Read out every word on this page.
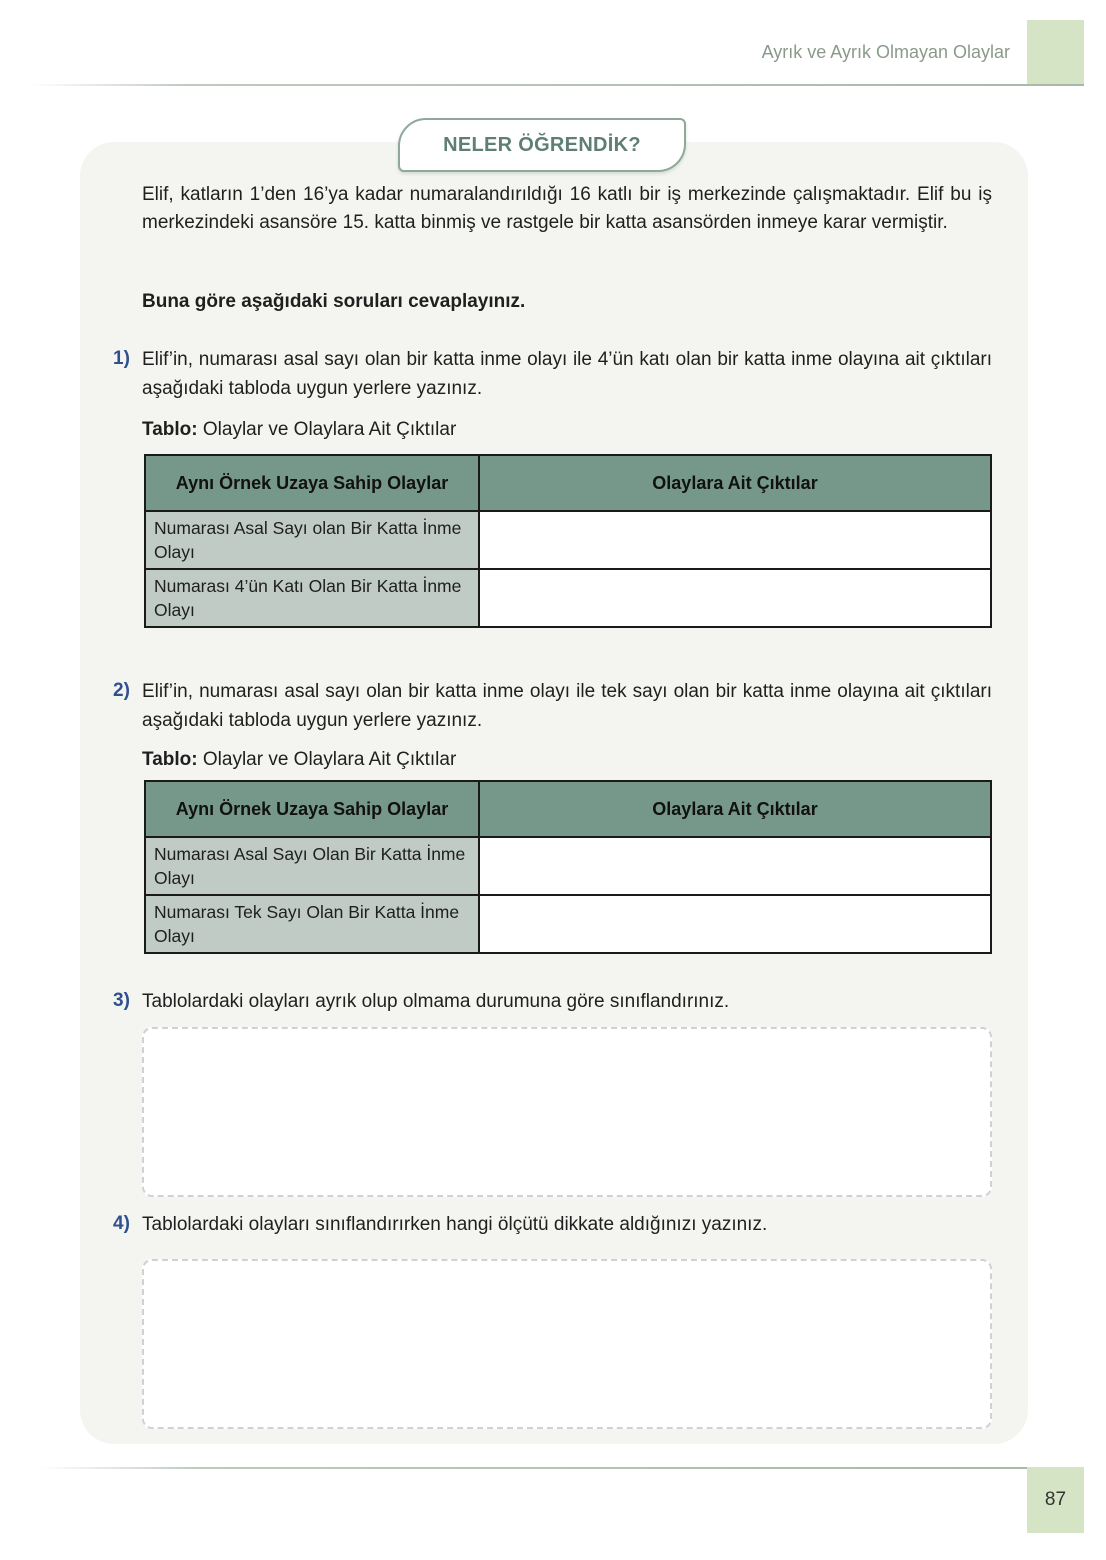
Ayrık ve Ayrık Olmayan Olaylar
NELER ÖĞRENDİK?
Elif, katların 1’den 16’ya kadar numaralandırıldığı 16 katlı bir iş merkezinde çalışmaktadır. Elif bu iş merkezindeki asansöre 15. katta binmiş ve rastgele bir katta asansörden inmeye karar vermiştir.
Buna göre aşağıdaki soruları cevaplayınız.
1) Elif’in, numarası asal sayı olan bir katta inme olayı ile 4’ün katı olan bir katta inme olayına ait çıktıları aşağıdaki tabloda uygun yerlere yazınız.
Tablo: Olaylar ve Olaylara Ait Çıktılar
Aynı Örnek Uzaya Sahip Olaylar	Olaylara Ait Çıktılar
Numarası Asal Sayı olan Bir Katta İnme Olayı	
Numarası 4’ün Katı Olan Bir Katta İnme Olayı	
2) Elif’in, numarası asal sayı olan bir katta inme olayı ile tek sayı olan bir katta inme olayına ait çıktıları aşağıdaki tabloda uygun yerlere yazınız.
Tablo: Olaylar ve Olaylara Ait Çıktılar
Aynı Örnek Uzaya Sahip Olaylar	Olaylara Ait Çıktılar
Numarası Asal Sayı Olan Bir Katta İnme Olayı	
Numarası Tek Sayı Olan Bir Katta İnme Olayı	
3) Tablolardaki olayları ayrık olup olmama durumuna göre sınıflandırınız.
4) Tablolardaki olayları sınıflandırırken hangi ölçütü dikkate aldığınızı yazınız.
87
